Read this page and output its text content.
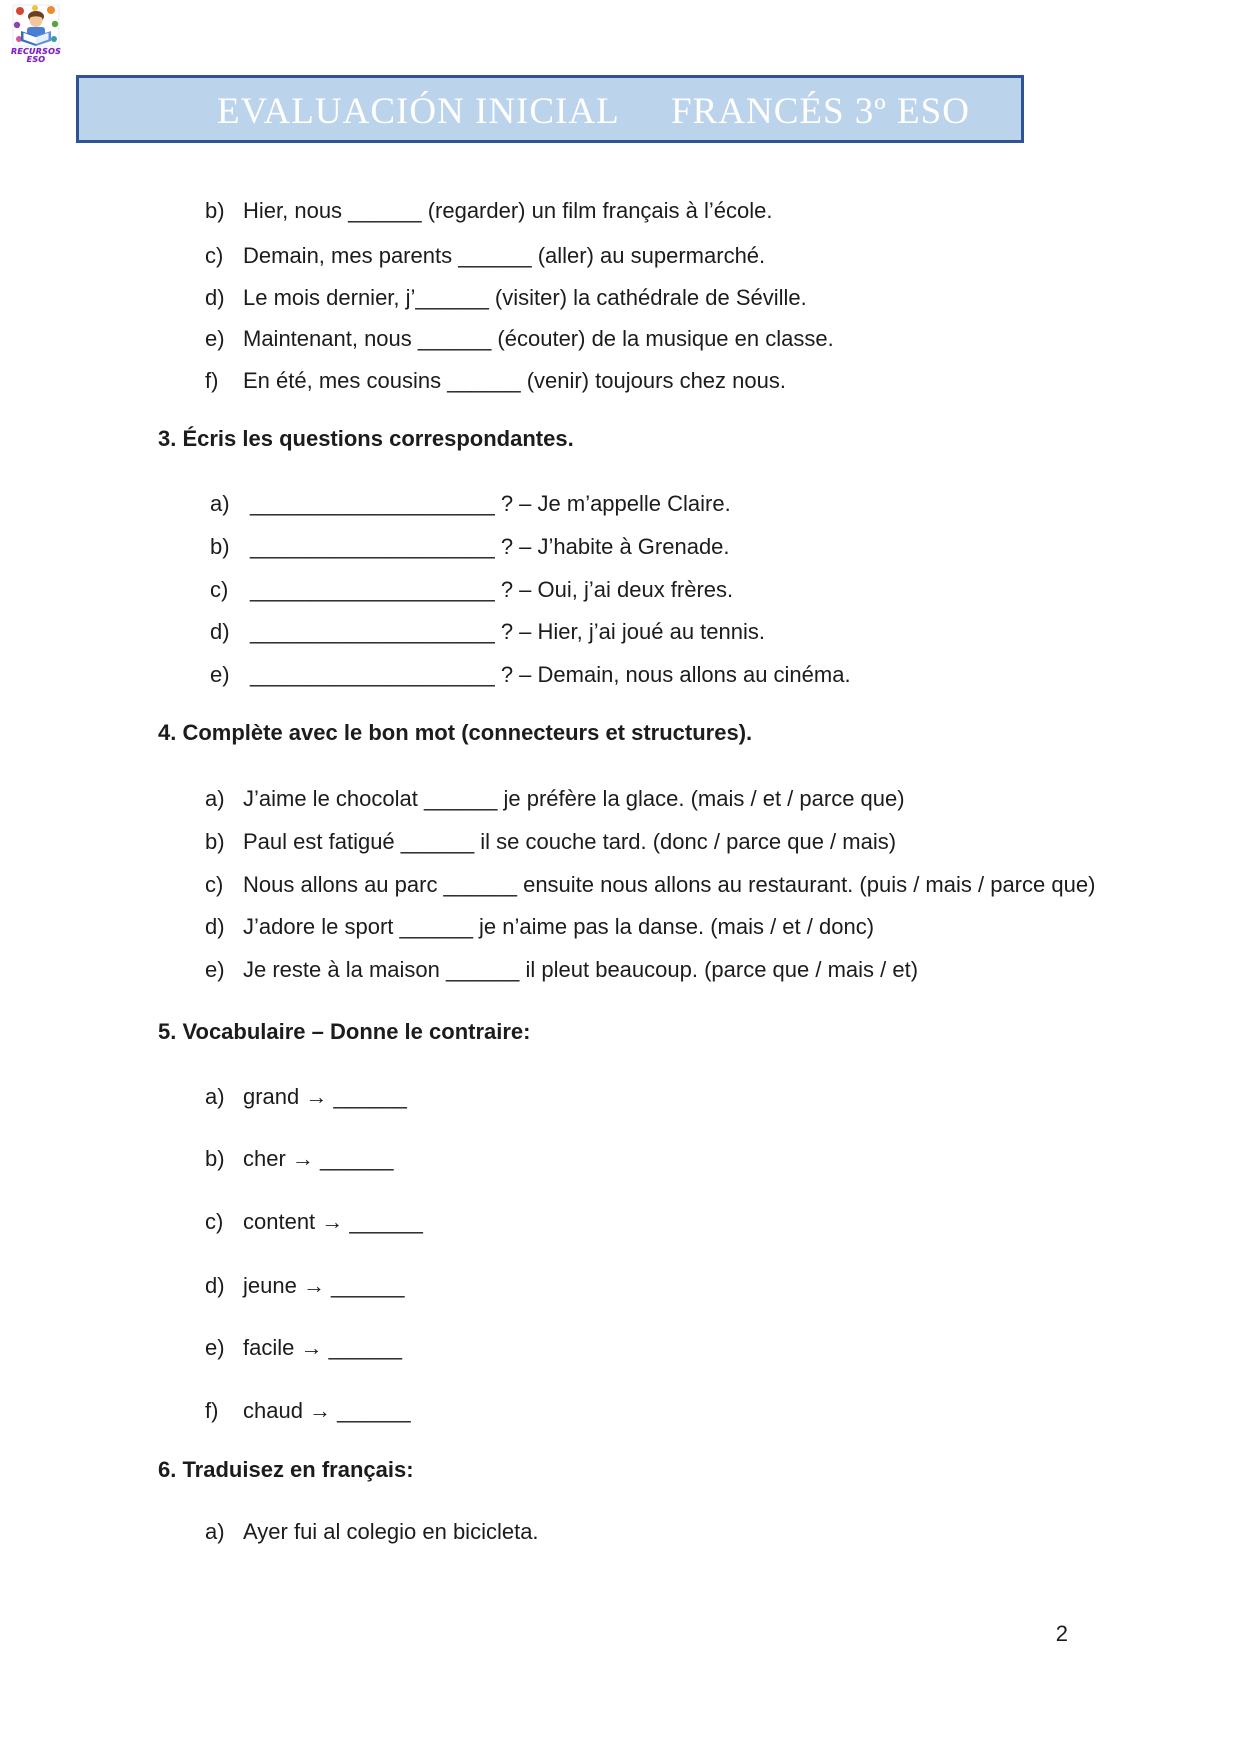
RECURSOS
ESO
EVALUACIÓN INICIAL FRANCÉS 3º ESO
b) Hier, nous ______ (regarder) un film français à l’école.
c) Demain, mes parents ______ (aller) au supermarché.
d) Le mois dernier, j’______ (visiter) la cathédrale de Séville.
e) Maintenant, nous ______ (écouter) de la musique en classe.
f) En été, mes cousins ______ (venir) toujours chez nous.
3. Écris les questions correspondantes.
a) ____________________ ? – Je m’appelle Claire.
b) ____________________ ? – J’habite à Grenade.
c) ____________________ ? – Oui, j’ai deux frères.
d) ____________________ ? – Hier, j’ai joué au tennis.
e) ____________________ ? – Demain, nous allons au cinéma.
4. Complète avec le bon mot (connecteurs et structures).
a) J’aime le chocolat ______ je préfère la glace. (mais / et / parce que)
b) Paul est fatigué ______ il se couche tard. (donc / parce que / mais)
c) Nous allons au parc ______ ensuite nous allons au restaurant. (puis / mais / parce que)
d) J’adore le sport ______ je n’aime pas la danse. (mais / et / donc)
e) Je reste à la maison ______ il pleut beaucoup. (parce que / mais / et)
5. Vocabulaire – Donne le contraire:
a) grand → ______
b) cher → ______
c) content → ______
d) jeune → ______
e) facile → ______
f) chaud → ______
6. Traduisez en français:
a) Ayer fui al colegio en bicicleta.
2
